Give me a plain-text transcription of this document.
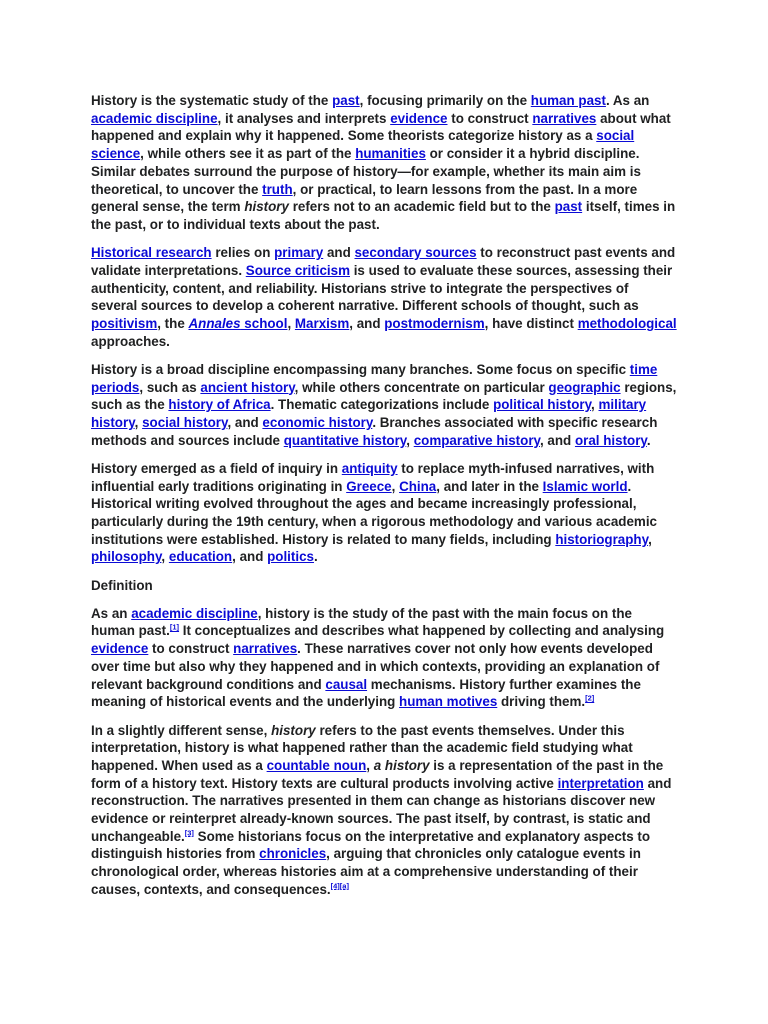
History is the systematic study of the past, focusing primarily on the human past. As an academic discipline, it analyses and interprets evidence to construct narratives about what happened and explain why it happened. Some theorists categorize history as a social science, while others see it as part of the humanities or consider it a hybrid discipline. Similar debates surround the purpose of history—for example, whether its main aim is theoretical, to uncover the truth, or practical, to learn lessons from the past. In a more general sense, the term history refers not to an academic field but to the past itself, times in the past, or to individual texts about the past.

Historical research relies on primary and secondary sources to reconstruct past events and validate interpretations. Source criticism is used to evaluate these sources, assessing their authenticity, content, and reliability. Historians strive to integrate the perspectives of several sources to develop a coherent narrative. Different schools of thought, such as positivism, the Annales school, Marxism, and postmodernism, have distinct methodological approaches.

History is a broad discipline encompassing many branches. Some focus on specific time periods, such as ancient history, while others concentrate on particular geographic regions, such as the history of Africa. Thematic categorizations include political history, military history, social history, and economic history. Branches associated with specific research methods and sources include quantitative history, comparative history, and oral history.

History emerged as a field of inquiry in antiquity to replace myth-infused narratives, with influential early traditions originating in Greece, China, and later in the Islamic world. Historical writing evolved throughout the ages and became increasingly professional, particularly during the 19th century, when a rigorous methodology and various academic institutions were established. History is related to many fields, including historiography, philosophy, education, and politics.

Definition

As an academic discipline, history is the study of the past with the main focus on the human past.[1] It conceptualizes and describes what happened by collecting and analysing evidence to construct narratives. These narratives cover not only how events developed over time but also why they happened and in which contexts, providing an explanation of relevant background conditions and causal mechanisms. History further examines the meaning of historical events and the underlying human motives driving them.[2]

In a slightly different sense, history refers to the past events themselves. Under this interpretation, history is what happened rather than the academic field studying what happened. When used as a countable noun, a history is a representation of the past in the form of a history text. History texts are cultural products involving active interpretation and reconstruction. The narratives presented in them can change as historians discover new evidence or reinterpret already-known sources. The past itself, by contrast, is static and unchangeable.[3] Some historians focus on the interpretative and explanatory aspects to distinguish histories from chronicles, arguing that chronicles only catalogue events in chronological order, whereas histories aim at a comprehensive understanding of their causes, contexts, and consequences.[4][a]
